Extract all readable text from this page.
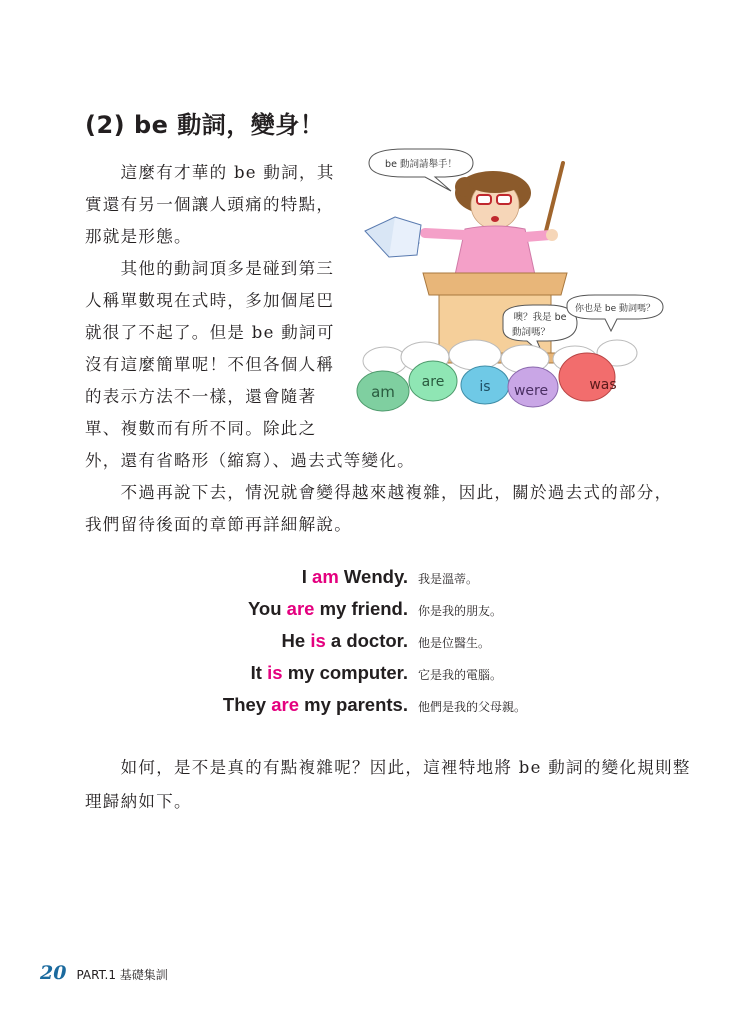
(2) be 動詞，變身！
　　這麼有才華的 be 動詞，其
實還有另一個讓人頭痛的特點，
那就是形態。
　　其他的動詞頂多是碰到第三
人稱單數現在式時，多加個尾巴
就很了不起了。但是 be 動詞可
沒有這麼簡單呢！不但各個人稱
的表示方法不一樣，還會隨著
單、複數而有所不同。除此之
外，還有省略形（縮寫）、過去式等變化。
　　不過再說下去，情況就會變得越來越複雜，因此，關於過去式的部分，
我們留待後面的章節再詳細解說。
be 動詞請舉手！
噢？我是 be
動詞嗎？
你也是 be 動詞嗎？
am
are	is were	was
I am Wendy. 我是溫蒂。
You are my friend. 你是我的朋友。
He is a doctor. 他是位醫生。
It is my computer. 它是我的電腦。
They are my parents. 他們是我的父母親。
　　如何，是不是真的有點複雜呢？因此，這裡特地將 be 動詞的變化規則整
理歸納如下。
20 PART.1 基礎集訓
